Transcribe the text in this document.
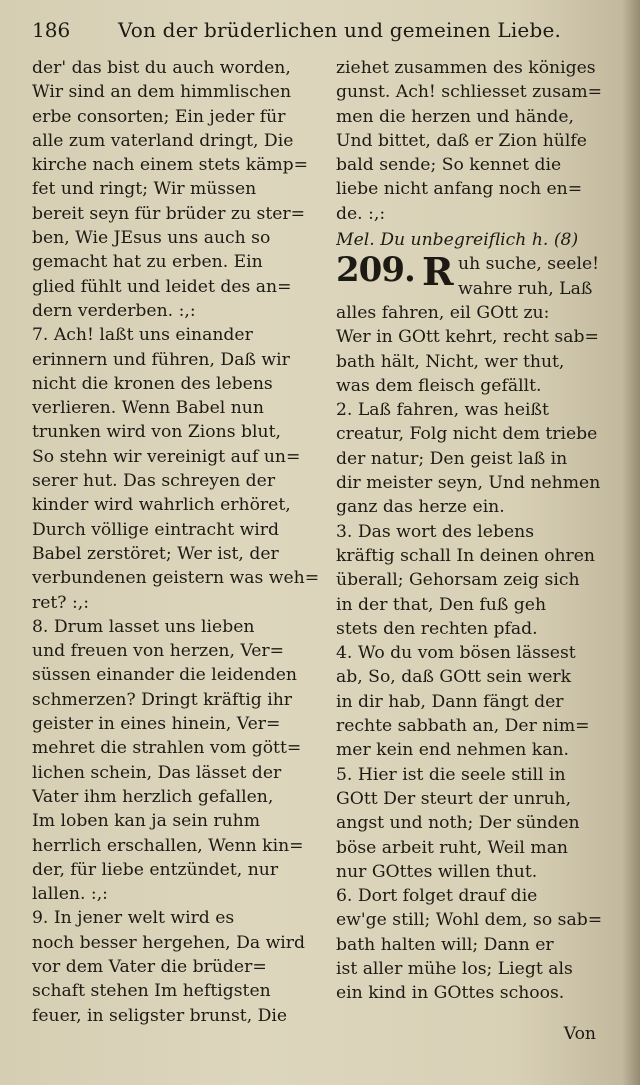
186 Von der brüderlichen und gemeinen Liebe.
der' das bist du auch worden,
Wir sind an dem himmlischen
erbe consorten; Ein jeder für
alle zum vaterland dringt, Die
kirche nach einem stets kämp=
fet und ringt; Wir müssen
bereit seyn für brüder zu ster=
ben, Wie JEsus uns auch so
gemacht hat zu erben. Ein
glied fühlt und leidet des an=
dern verderben. :,:
7. Ach! laßt uns einander
erinnern und führen, Daß wir
nicht die kronen des lebens
verlieren. Wenn Babel nun
trunken wird von Zions blut,
So stehn wir vereinigt auf un=
serer hut. Das schreyen der
kinder wird wahrlich erhöret,
Durch völlige eintracht wird
Babel zerstöret; Wer ist, der
verbundenen geistern was weh=
ret? :,:
8. Drum lasset uns lieben
und freuen von herzen, Ver=
süssen einander die leidenden
schmerzen? Dringt kräftig ihr
geister in eines hinein, Ver=
mehret die strahlen vom gött=
lichen schein, Das lässet der
Vater ihm herzlich gefallen,
Im loben kan ja sein ruhm
herrlich erschallen, Wenn kin=
der, für liebe entzündet, nur
lallen. :,:
9. In jener welt wird es
noch besser hergehen, Da wird
vor dem Vater die brüder=
schaft stehen Im heftigsten
feuer, in seligster brunst, Die
ziehet zusammen des königes
gunst. Ach! schliesset zusam=
men die herzen und hände,
Und bittet, daß er Zion hülfe
bald sende; So kennet die
liebe nicht anfang noch en=
de. :,:
Mel. Du unbegreiflich h. (8)
209. R uh suche, seele!
wahre ruh, Laß
alles fahren, eil GOtt zu:
Wer in GOtt kehrt, recht sab=
bath hält, Nicht, wer thut,
was dem fleisch gefällt.
2. Laß fahren, was heißt
creatur, Folg nicht dem triebe
der natur; Den geist laß in
dir meister seyn, Und nehmen
ganz das herze ein.
3. Das wort des lebens
kräftig schall In deinen ohren
überall; Gehorsam zeig sich
in der that, Den fuß geh
stets den rechten pfad.
4. Wo du vom bösen lässest
ab, So, daß GOtt sein werk
in dir hab, Dann fängt der
rechte sabbath an, Der nim=
mer kein end nehmen kan.
5. Hier ist die seele still in
GOtt Der steurt der unruh,
angst und noth; Der sünden
böse arbeit ruht, Weil man
nur GOttes willen thut.
6. Dort folget drauf die
ew'ge still; Wohl dem, so sab=
bath halten will; Dann er
ist aller mühe los; Liegt als
ein kind in GOttes schoos.
Von
